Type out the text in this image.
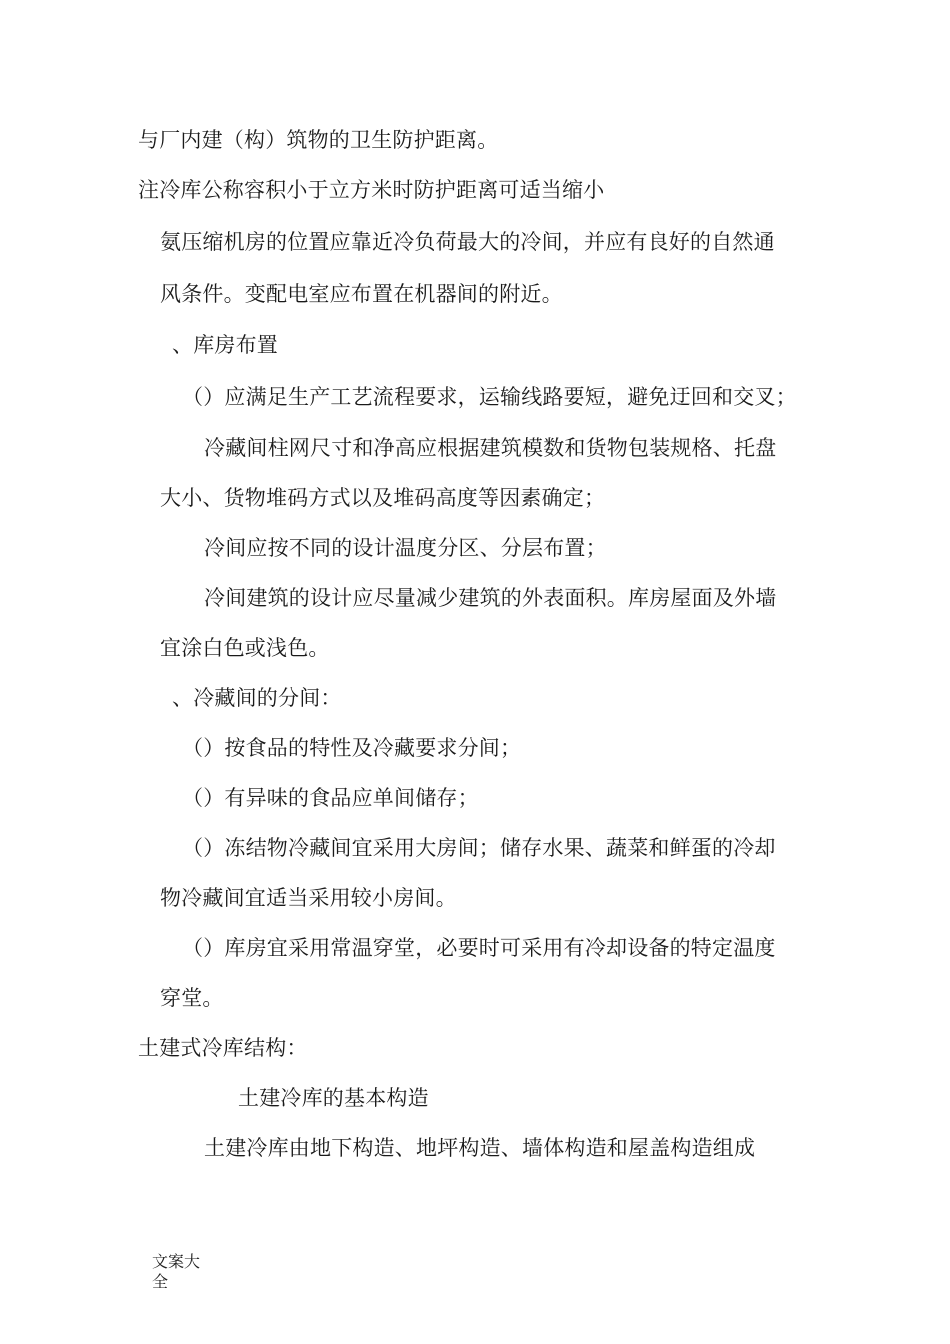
与厂内建（构）筑物的卫生防护距离。
注冷库公称容积小于立方米时防护距离可适当缩小
氨压缩机房的位置应靠近冷负荷最大的冷间，并应有良好的自然通
风条件。变配电室应布置在机器间的附近。
、库房布置
（）应满足生产工艺流程要求，运输线路要短，避免迂回和交叉；
冷藏间柱网尺寸和净高应根据建筑模数和货物包装规格、托盘
大小、货物堆码方式以及堆码高度等因素确定；
冷间应按不同的设计温度分区、分层布置；
冷间建筑的设计应尽量减少建筑的外表面积。库房屋面及外墙
宜涂白色或浅色。
、冷藏间的分间：
（）按食品的特性及冷藏要求分间；
（）有异味的食品应单间储存；
（）冻结物冷藏间宜采用大房间；储存水果、蔬菜和鲜蛋的冷却
物冷藏间宜适当采用较小房间。
（）库房宜采用常温穿堂，必要时可采用有冷却设备的特定温度
穿堂。
土建式冷库结构：
土建冷库的基本构造
土建冷库由地下构造、地坪构造、墙体构造和屋盖构造组成
文案大全
